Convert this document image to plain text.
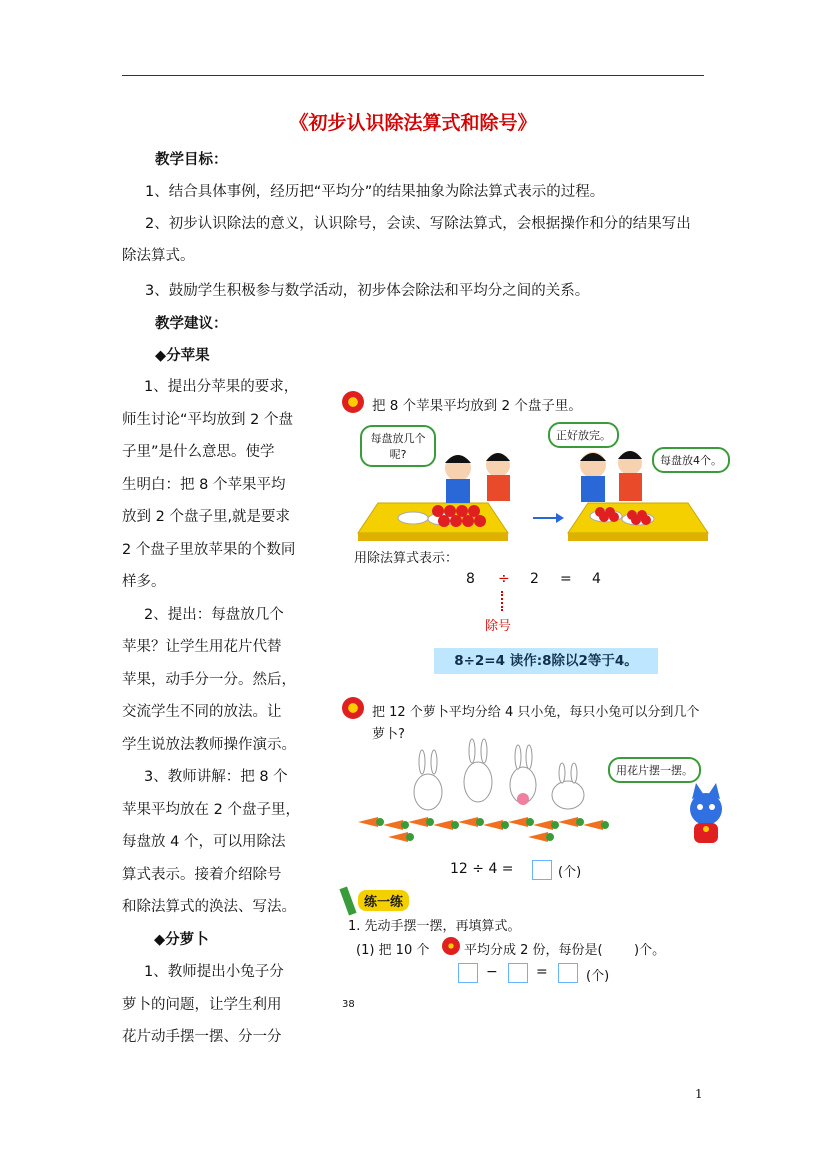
《初步认识除法算式和除号》
教学目标：
1、结合具体事例，经历把“平均分”的结果抽象为除法算式表示的过程。
2、初步认识除法的意义，认识除号，会读、写除法算式，会根据操作和分的结果写出
除法算式。
3、鼓励学生积极参与数学活动，初步体会除法和平均分之间的关系。
教学建议：
◆分苹果
1、提出分苹果的要求，
师生讨论“平均放到 2 个盘
子里”是什么意思。使学
生明白：把 8 个苹果平均
放到 2 个盘子里,就是要求
2 个盘子里放苹果的个数同
样多。
2、提出：每盘放几个
苹果？让学生用花片代替
苹果，动手分一分。然后，
交流学生不同的放法。让
学生说放法教师操作演示。
3、教师讲解：把 8 个
苹果平均放在 2 个盘子里，
每盘放 4 个，可以用除法
算式表示。接着介绍除号
和除法算式的涣法、写法。
◆分萝卜
1、教师提出小兔子分
萝卜的问题，让学生利用
花片动手摆一摆、分一分
把 8 个苹果平均放到 2 个盘子里。
每盘放几个呢?
正好放完。
每盘放4个。
用除法算式表示：
8 ÷ 2 = 4
除号
8÷2=4 读作:8除以2等于4。
把 12 个萝卜平均分给 4 只小兔，每只小兔可以分到几个
萝卜?
用花片摆一摆。
12 ÷ 4 =	(个)
练一练
1. 先动手摆一摆，再填算式。
(1) 把 10 个	平均分成 2 份，每份是( )个。
−	=	(个)
38
1
